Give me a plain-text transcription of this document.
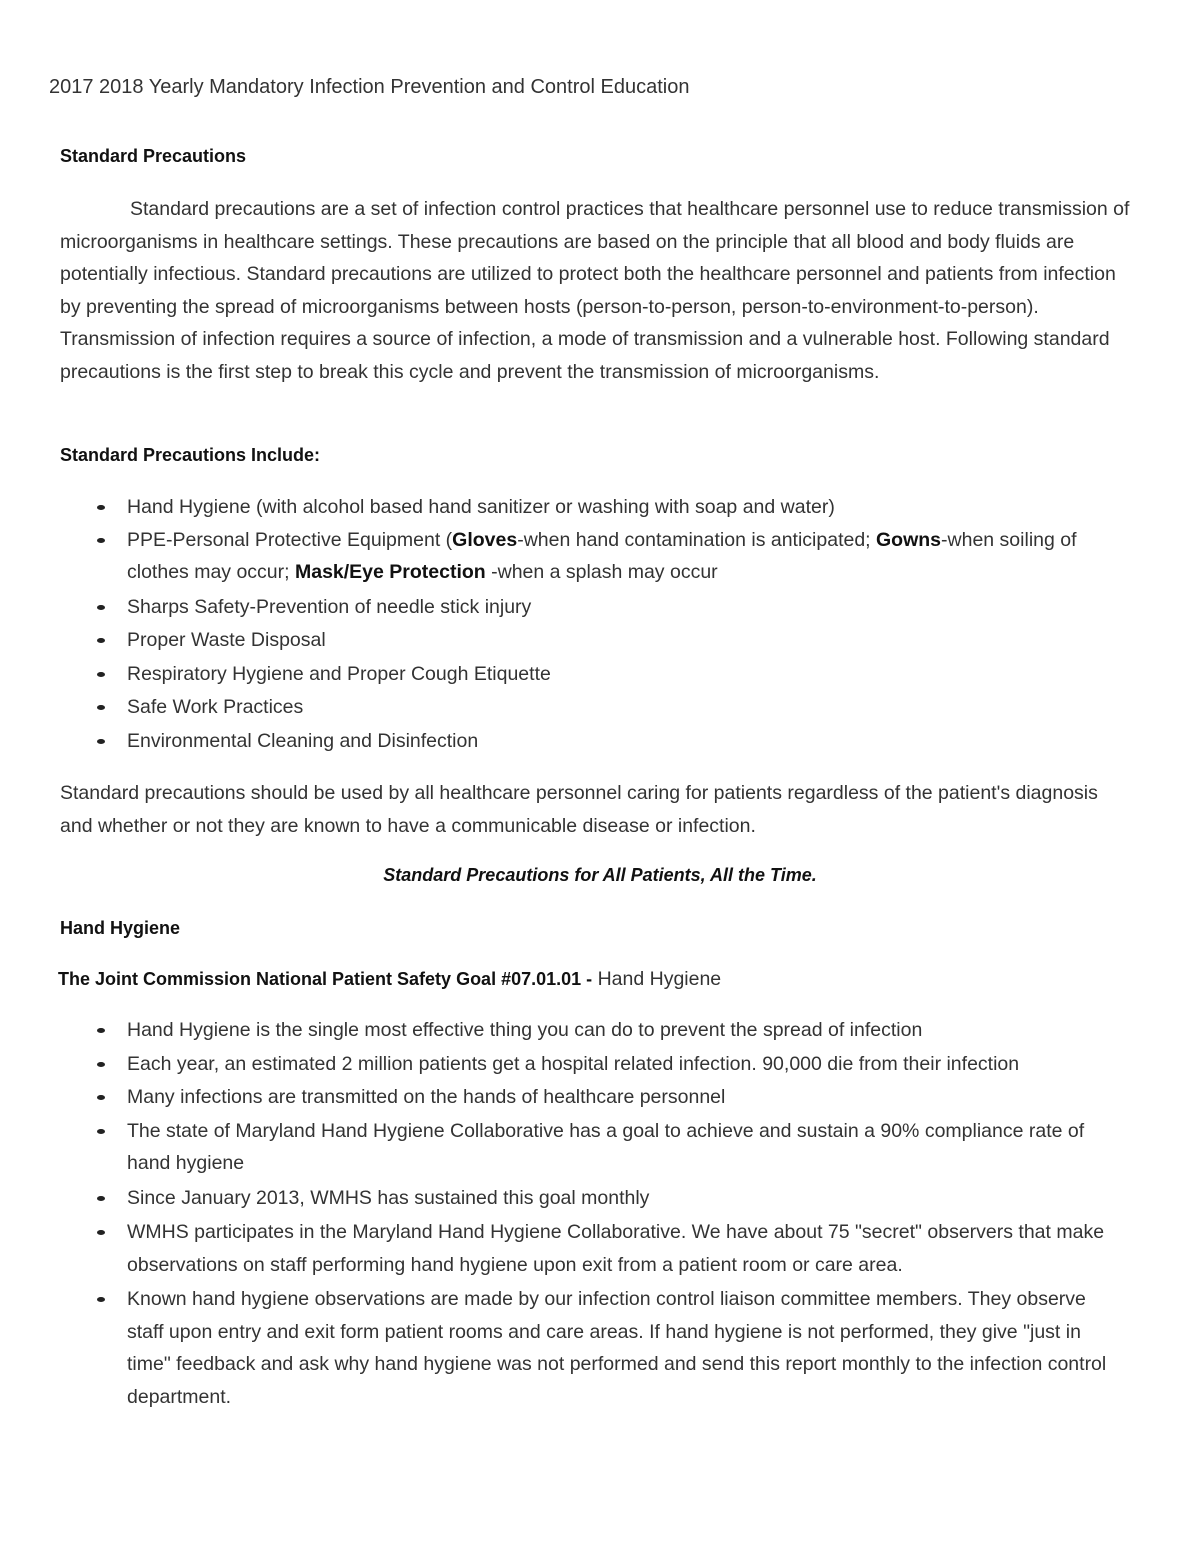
2017 2018 Yearly Mandatory Infection Prevention and Control Education
Standard Precautions

Standard precautions are a set of infection control practices that healthcare personnel use to reduce transmission of microorganisms in healthcare settings. These precautions are based on the principle that all blood and body fluids are potentially infectious. Standard precautions are utilized to protect both the healthcare personnel and patients from infection by preventing the spread of microorganisms between hosts (person-to-person, person-to-environment-to-person). Transmission of infection requires a source of infection, a mode of transmission and a vulnerable host. Following standard precautions is the first step to break this cycle and prevent the transmission of microorganisms.

Standard Precautions Include:
Hand Hygiene (with alcohol based hand sanitizer or washing with soap and water)
PPE-Personal Protective Equipment (Gloves-when hand contamination is anticipated; Gowns-when soiling of clothes may occur; Mask/Eye Protection -when a splash may occur
Sharps Safety-Prevention of needle stick injury
Proper Waste Disposal
Respiratory Hygiene and Proper Cough Etiquette
Safe Work Practices
Environmental Cleaning and Disinfection

Standard precautions should be used by all healthcare personnel caring for patients regardless of the patient's diagnosis and whether or not they are known to have a communicable disease or infection.

Standard Precautions for All Patients, All the Time.
Hand Hygiene
The Joint Commission National Patient Safety Goal #07.01.01 - Hand Hygiene
Hand Hygiene is the single most effective thing you can do to prevent the spread of infection
Each year, an estimated 2 million patients get a hospital related infection. 90,000 die from their infection
Many infections are transmitted on the hands of healthcare personnel
The state of Maryland Hand Hygiene Collaborative has a goal to achieve and sustain a 90% compliance rate of hand hygiene
Since January 2013, WMHS has sustained this goal monthly
WMHS participates in the Maryland Hand Hygiene Collaborative. We have about 75 "secret" observers that make observations on staff performing hand hygiene upon exit from a patient room or care area.
Known hand hygiene observations are made by our infection control liaison committee members. They observe staff upon entry and exit form patient rooms and care areas. If hand hygiene is not performed, they give "just in time" feedback and ask why hand hygiene was not performed and send this report monthly to the infection control department.
